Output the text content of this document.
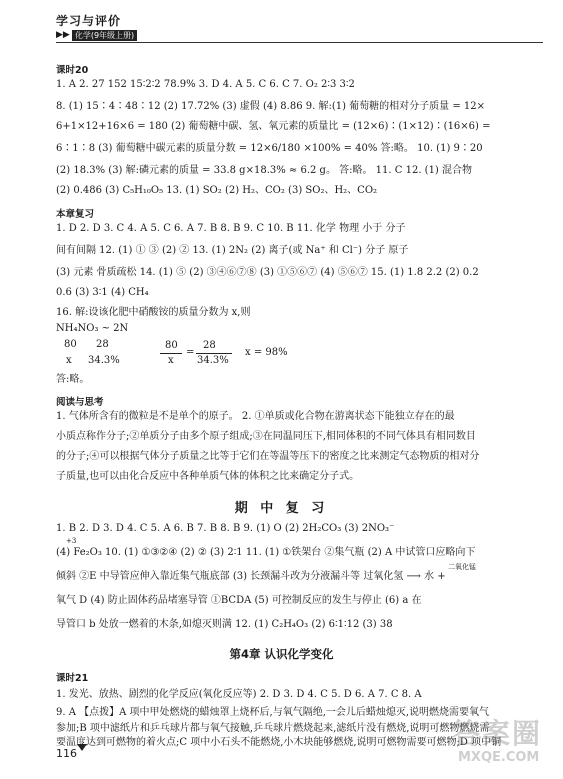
学习与评价
▶▶ 化学(9年级上册)
课时20
1. A 2. 27 152 15∶2∶2 78.9% 3. D 4. A 5. C 6. C 7. O₂ 2∶3 3∶2
8. (1) 15∶4∶48∶12 (2) 17.72% (3) 虚假 (4) 8.86 9. 解:(1) 葡萄糖的相对分子质量 = 12×
6+1×12+16×6 = 180 (2) 葡萄糖中碳、氢、氧元素的质量比 = (12×6)∶(1×12)∶(16×6) =
6∶1∶8 (3) 葡萄糖中碳元素的质量分数 = 12×6/180 ×100% = 40% 答:略。 10. (1) 9∶20
(2) 18.3% (3) 解:磷元素的质量 = 33.8 g×18.3% ≈ 6.2 g。 答:略。 11. C 12. (1) 混合物
(2) 0.486 (3) C₅H₁₀O₅ 13. (1) SO₂ (2) H₂、CO₂ (3) SO₂、H₂、CO₂
本章复习
1. D 2. D 3. C 4. A 5. C 6. A 7. B 8. B 9. C 10. B 11. 化学 物理 小于 分子
间有间隔 12. (1) ① ③ (2) ② 13. (1) 2N₂ (2) 离子(或 Na⁺ 和 Cl⁻) 分子 原子
(3) 元素 骨质疏松 14. (1) ⑤ (2) ③④⑥⑦⑧ (3) ①⑤⑥⑦ (4) ⑤⑥⑦ 15. (1) 1.8 2.2 (2) 0.2
0.6 (3) 3∶1 (4) CH₄
16. 解:设该化肥中硝酸铵的质量分数为 x,则
NH₄NO₃ ~ 2N
80 28
x 34.3%
80
x
=
28
34.3%
x = 98%
答:略。
阅读与思考
1. 气体所含有的微粒是不是单个的原子。 2. ①单质或化合物在游离状态下能独立存在的最
小质点称作分子;②单质分子由多个原子组成;③在同温同压下,相同体积的不同气体具有相同数目
的分子;④可以根据气体分子质量之比等于它们在等温等压下的密度之比来测定气态物质的相对分
子质量,也可以由化合反应中各种单质气体的体积之比来确定分子式。
期 中 复 习
1. B 2. D 3. D 4. C 5. A 6. B 7. B 8. B 9. (1) O (2) 2H₂CO₃ (3) 2NO₃⁻
+3
(4) Fe₂O₃ 10. (1) ①③②④ (2) ② (3) 2∶1 11. (1) ①铁架台 ②集气瓶 (2) A 中试管口应略向下
二氧化锰
倾斜 ②E 中导管应伸入靠近集气瓶底部 (3) 长颈漏斗改为分液漏斗等 过氧化氢 ⟶ 水 +
氧气 D (4) 防止固体药品堵塞导管 ①BCDA (5) 可控制反应的发生与停止 (6) a 在
导管口 b 处放一燃着的木条,如熄灭则满 12. (1) C₂H₄O₃ (2) 6∶1∶12 (3) 38
第4章 认识化学变化
课时21
1. 发光、放热、剧烈的化学反应(氧化反应等) 2. D 3. D 4. C 5. D 6. A 7. C 8. A
9. A 【点拨】A 项中甲处燃烧的蜡烛罩上烧杯后,与氧气隔绝,一会儿后蜡烛熄灭,说明燃烧需要氧气
参加;B 项中滤纸片和乒乓球片都与氧气接触,乒乓球片燃烧起来,滤纸片没有燃烧,说明可燃物燃烧需
要温度达到可燃物的着火点;C 项中小石头不能燃烧,小木块能够燃烧,说明可燃物需要可燃物;D 项中铜
116
答案圈
MXQE.COM
